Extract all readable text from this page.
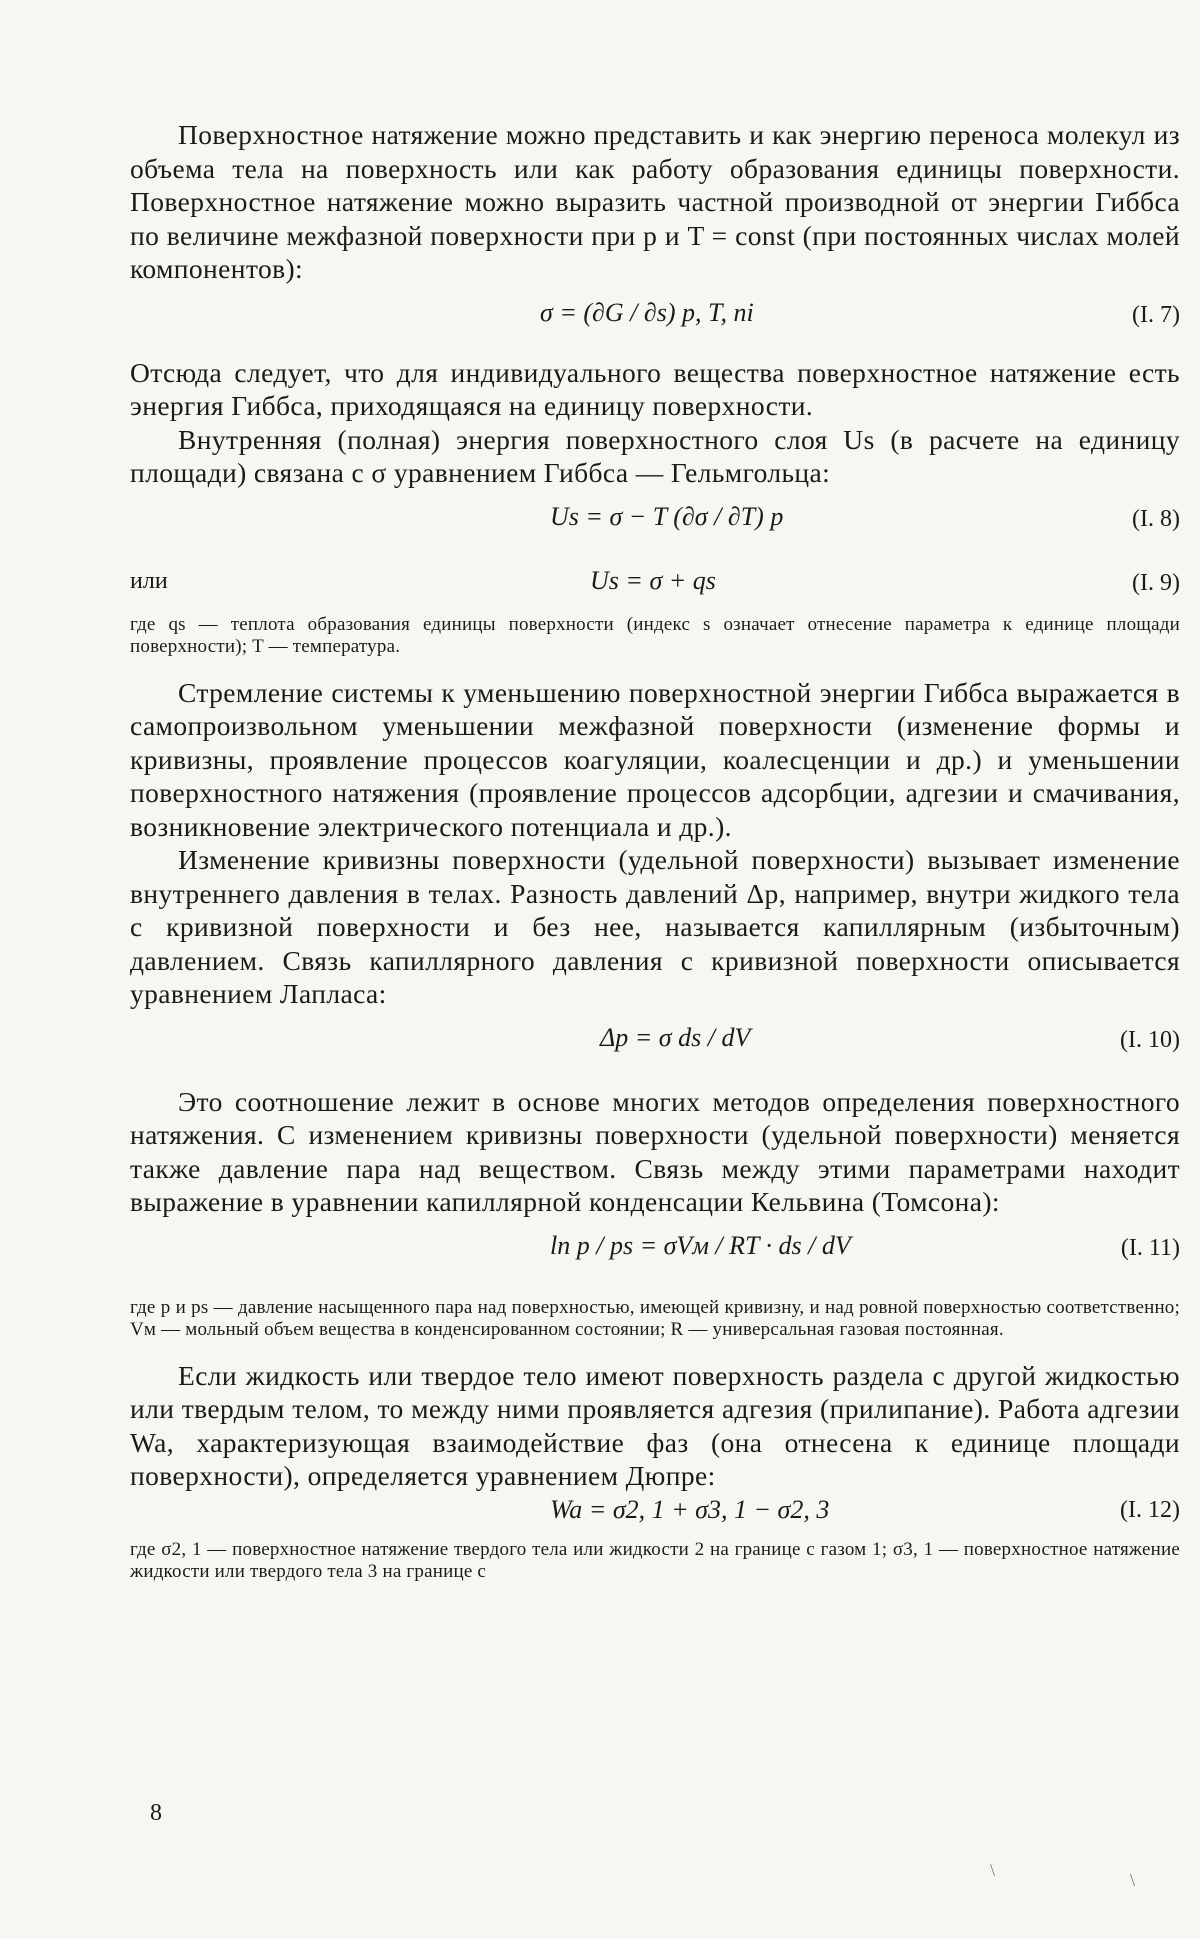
Поверхностное натяжение можно представить и как энергию переноса молекул из объема тела на поверхность или как работу образования единицы поверхности. Поверхностное натяжение можно выразить частной производной от энергии Гиббса по величине межфазной поверхности при p и T = const (при постоянных числах молей компонентов):

σ = (∂G / ∂s) p, T, ni	(I. 7)

Отсюда следует, что для индивидуального вещества поверхностное натяжение есть энергия Гиббса, приходящаяся на единицу поверхности.

Внутренняя (полная) энергия поверхностного слоя Us (в расчете на единицу площади) связана с σ уравнением Гиббса — Гельмгольца:

Us = σ − T (∂σ / ∂T) p	(I. 8)
или	Us = σ + qs	(I. 9)

где qs — теплота образования единицы поверхности (индекс s означает отнесение параметра к единице площади поверхности); T — температура.

Стремление системы к уменьшению поверхностной энергии Гиббса выражается в самопроизвольном уменьшении межфазной поверхности (изменение формы и кривизны, проявление процессов коагуляции, коалесценции и др.) и уменьшении поверхностного натяжения (проявление процессов адсорбции, адгезии и смачивания, возникновение электрического потенциала и др.).

Изменение кривизны поверхности (удельной поверхности) вызывает изменение внутреннего давления в телах. Разность давлений Δp, например, внутри жидкого тела с кривизной поверхности и без нее, называется капиллярным (избыточным) давлением. Связь капиллярного давления с кривизной поверхности описывается уравнением Лапласа:

Δp = σ ds / dV	(I. 10)

Это соотношение лежит в основе многих методов определения поверхностного натяжения. С изменением кривизны поверхности (удельной поверхности) меняется также давление пара над веществом. Связь между этими параметрами находит выражение в уравнении капиллярной конденсации Кельвина (Томсона):

ln p / ps = σVм / RT · ds / dV	(I. 11)

где p и ps — давление насыщенного пара над поверхностью, имеющей кривизну, и над ровной поверхностью соответственно; Vм — мольный объем вещества в конденсированном состоянии; R — универсальная газовая постоянная.

Если жидкость или твердое тело имеют поверхность раздела с другой жидкостью или твердым телом, то между ними проявляется адгезия (прилипание). Работа адгезии Wa, характеризующая взаимодействие фаз (она отнесена к единице площади поверхности), определяется уравнением Дюпре:

Wa = σ2, 1 + σ3, 1 − σ2, 3	(I. 12)

где σ2, 1 — поверхностное натяжение твердого тела или жидкости 2 на границе с газом 1; σ3, 1 — поверхностное натяжение жидкости или твердого тела 3 на границе с

8
\	\
